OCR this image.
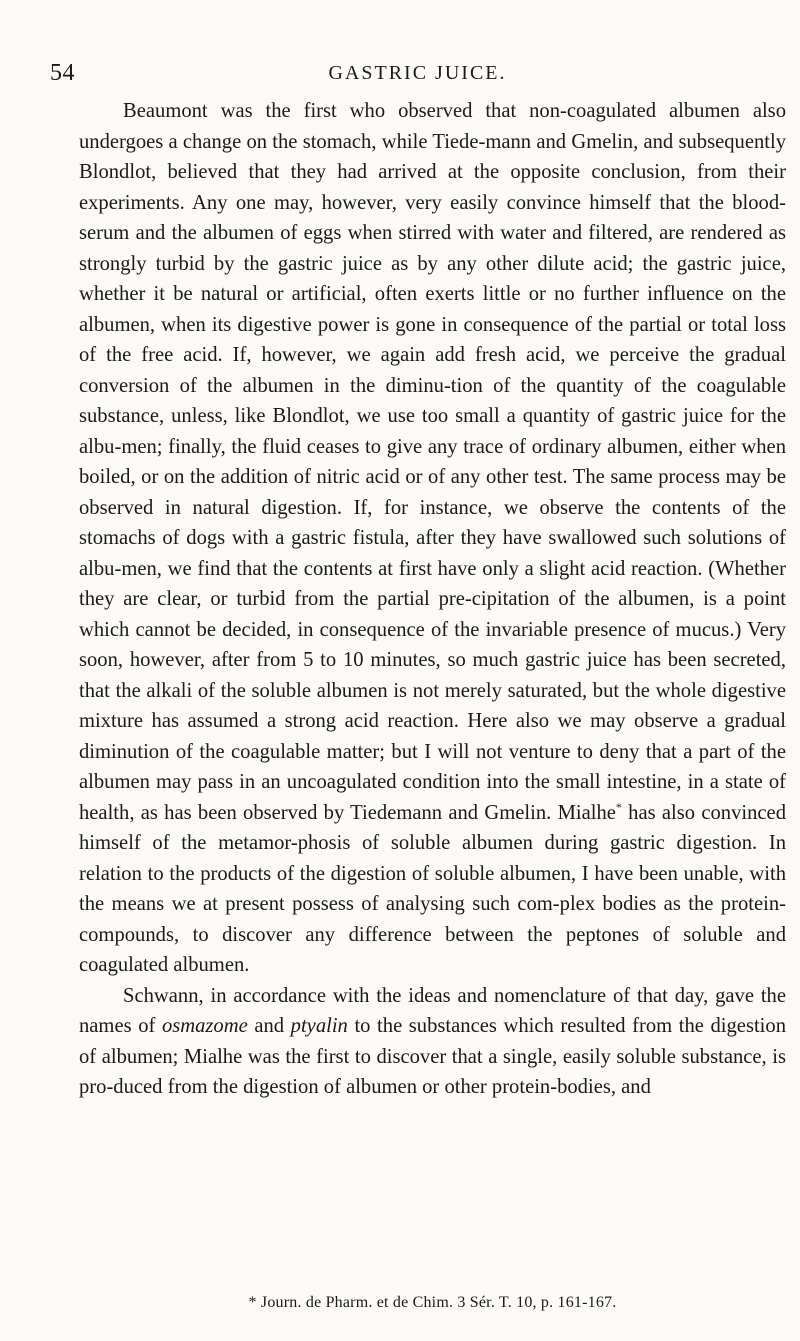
54	GASTRIC JUICE.

Beaumont was the first who observed that non-coagulated albumen also undergoes a change on the stomach, while Tiede-mann and Gmelin, and subsequently Blondlot, believed that they had arrived at the opposite conclusion, from their experiments. Any one may, however, very easily convince himself that the blood-serum and the albumen of eggs when stirred with water and filtered, are rendered as strongly turbid by the gastric juice as by any other dilute acid; the gastric juice, whether it be natural or artificial, often exerts little or no further influence on the albumen, when its digestive power is gone in consequence of the partial or total loss of the free acid. If, however, we again add fresh acid, we perceive the gradual conversion of the albumen in the diminu-tion of the quantity of the coagulable substance, unless, like Blondlot, we use too small a quantity of gastric juice for the albu-men; finally, the fluid ceases to give any trace of ordinary albumen, either when boiled, or on the addition of nitric acid or of any other test. The same process may be observed in natural digestion. If, for instance, we observe the contents of the stomachs of dogs with a gastric fistula, after they have swallowed such solutions of albu-men, we find that the contents at first have only a slight acid reaction. (Whether they are clear, or turbid from the partial pre-cipitation of the albumen, is a point which cannot be decided, in consequence of the invariable presence of mucus.) Very soon, however, after from 5 to 10 minutes, so much gastric juice has been secreted, that the alkali of the soluble albumen is not merely saturated, but the whole digestive mixture has assumed a strong acid reaction. Here also we may observe a gradual diminution of the coagulable matter; but I will not venture to deny that a part of the albumen may pass in an uncoagulated condition into the small intestine, in a state of health, as has been observed by Tiedemann and Gmelin. Mialhe* has also convinced himself of the metamor-phosis of soluble albumen during gastric digestion. In relation to the products of the digestion of soluble albumen, I have been unable, with the means we at present possess of analysing such com-plex bodies as the protein-compounds, to discover any difference between the peptones of soluble and coagulated albumen.

Schwann, in accordance with the ideas and nomenclature of that day, gave the names of osmazome and ptyalin to the substances which resulted from the digestion of albumen; Mialhe was the first to discover that a single, easily soluble substance, is pro-duced from the digestion of albumen or other protein-bodies, and

* Journ. de Pharm. et de Chim. 3 Sér. T. 10, p. 161-167.
